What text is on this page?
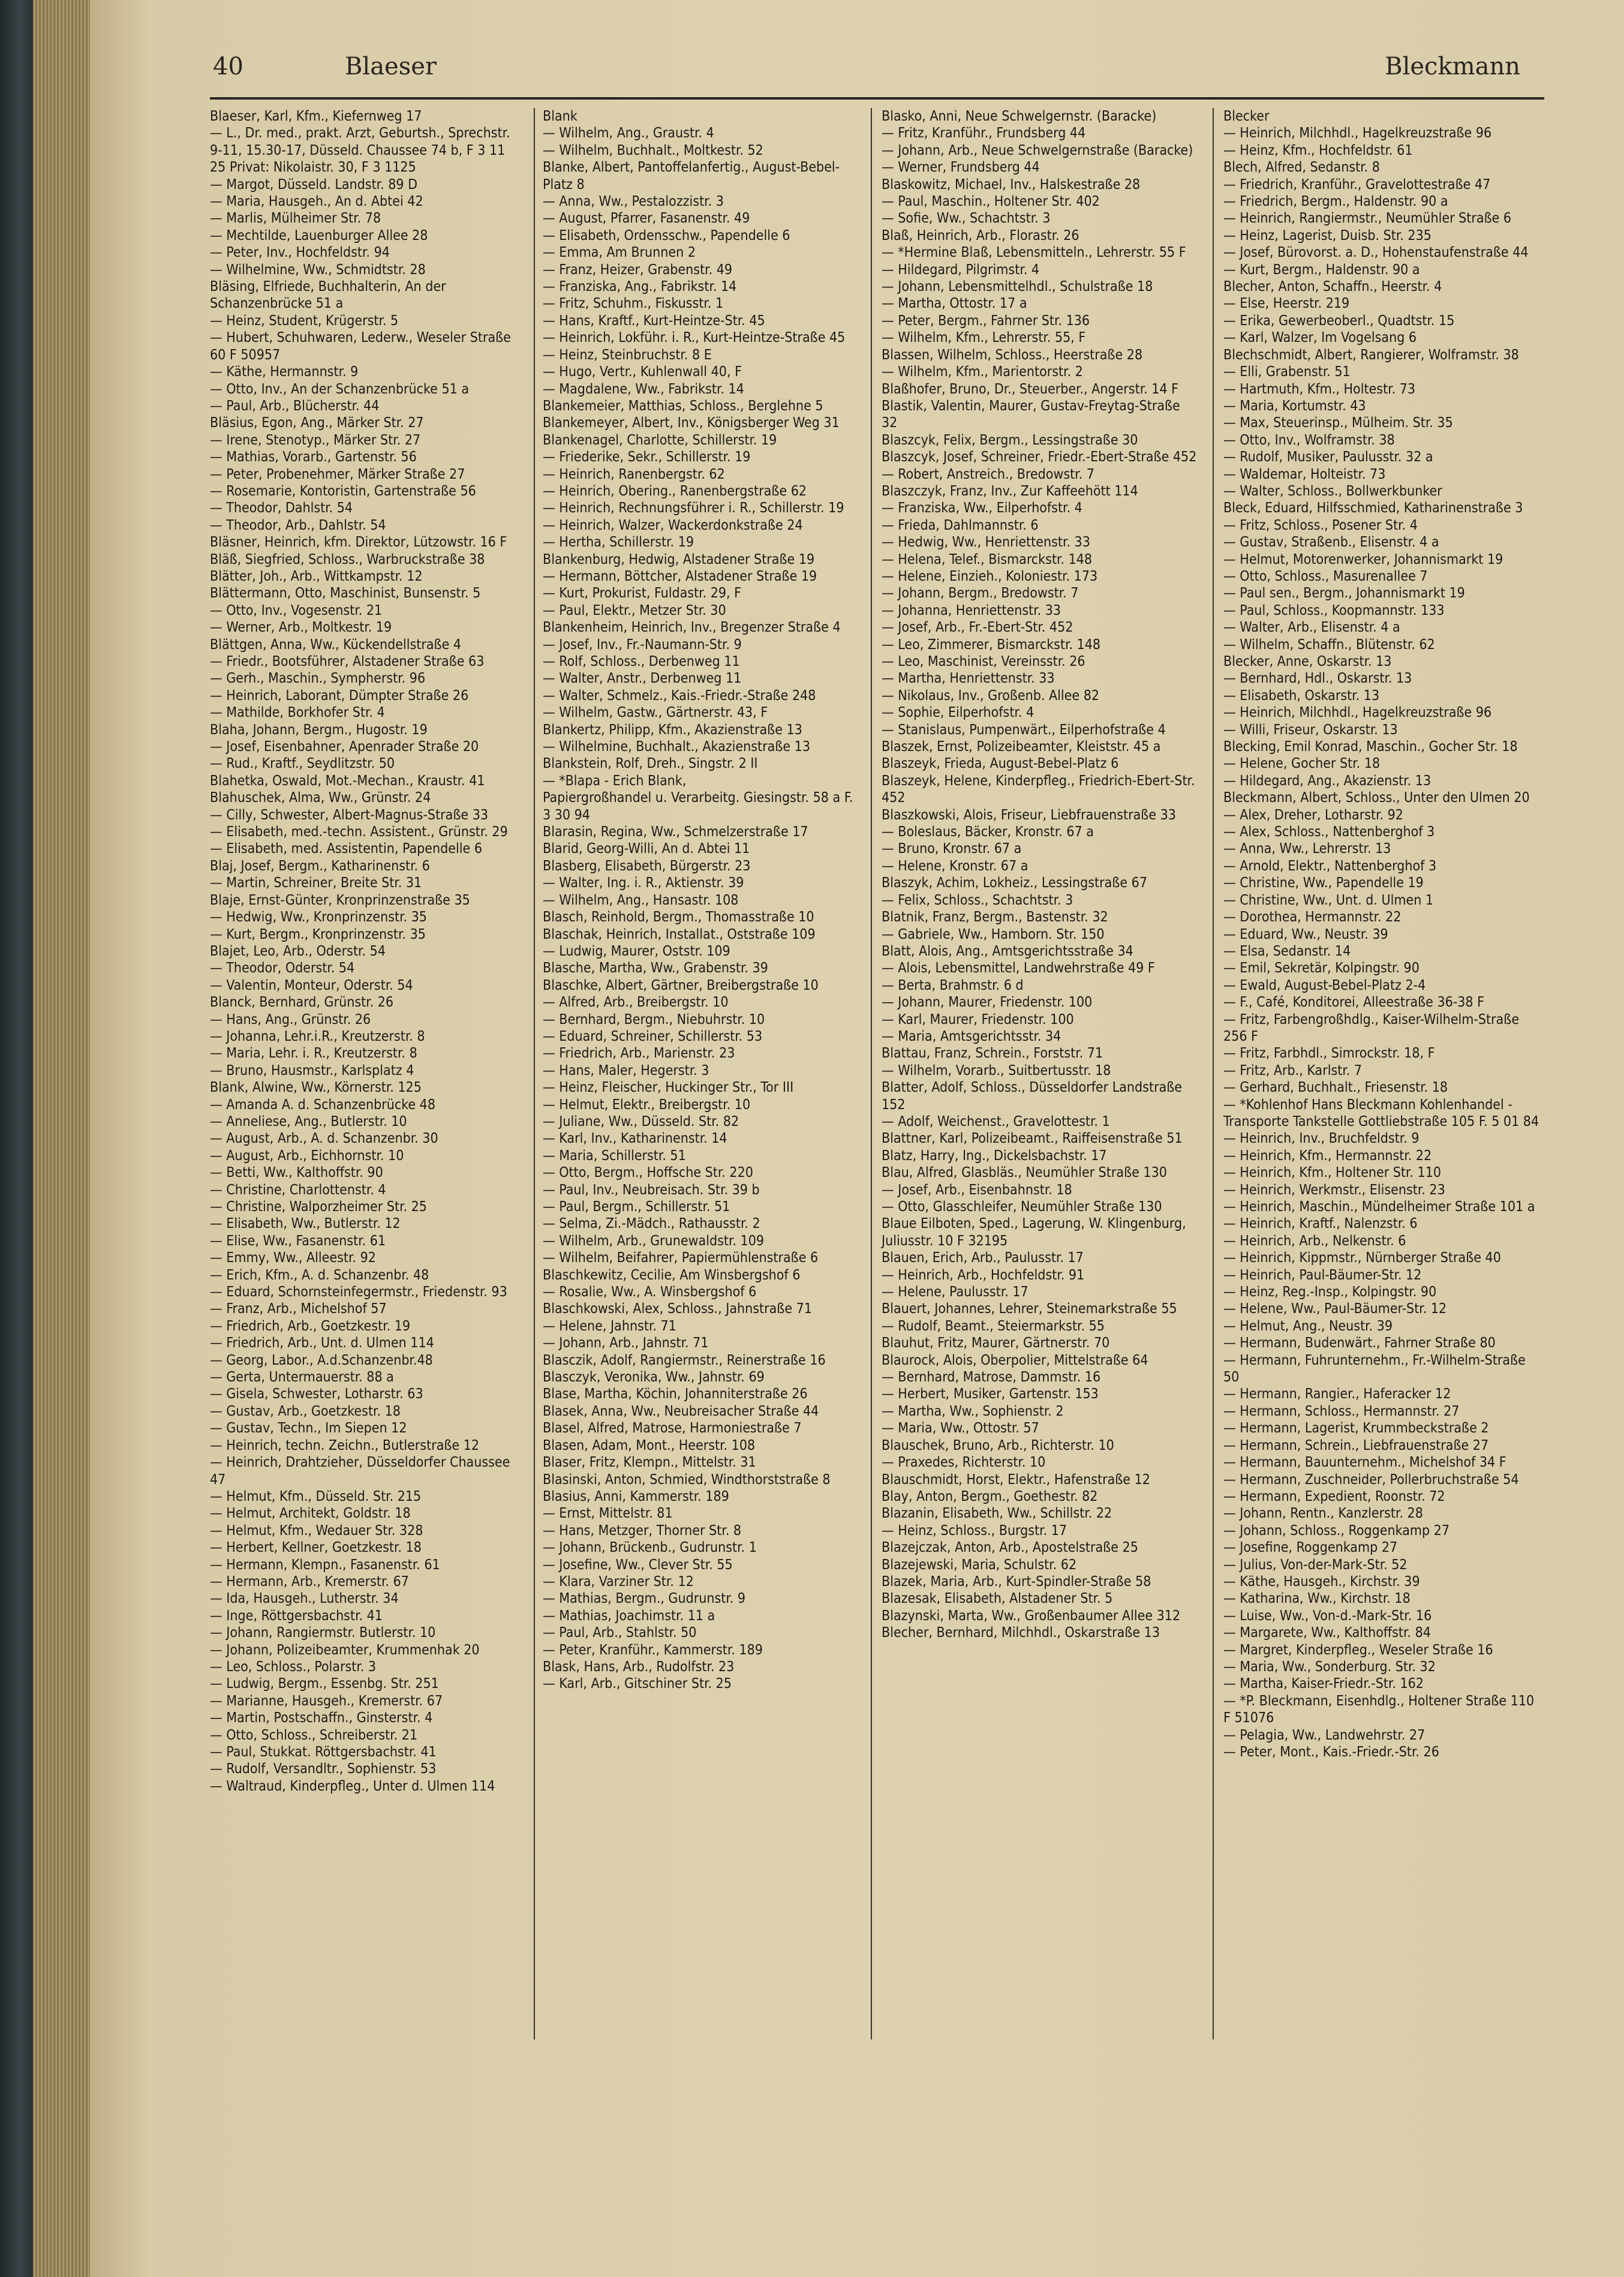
40	Blaeser	Bleckmann
Blaeser, Karl, Kfm., Kiefernweg 17
— L., Dr. med., prakt. Arzt, Geburtsh., Sprechstr. 9-11, 15.30-17, Düsseld. Chaussee 74 b, F 3 11 25 Privat: Nikolaistr. 30, F 3 1125
— Margot, Düsseld. Landstr. 89 D
— Maria, Hausgeh., An d. Abtei 42
— Marlis, Mülheimer Str. 78
— Mechtilde, Lauenburger Allee 28
— Peter, Inv., Hochfeldstr. 94
— Wilhelmine, Ww., Schmidtstr. 28
Bläsing, Elfriede, Buchhalterin, An der Schanzenbrücke 51 a
— Heinz, Student, Krügerstr. 5
— Hubert, Schuhwaren, Lederw., Weseler Straße 60 F 50957
— Käthe, Hermannstr. 9
— Otto, Inv., An der Schanzenbrücke 51 a
— Paul, Arb., Blücherstr. 44
Bläsius, Egon, Ang., Märker Str. 27
— Irene, Stenotyp., Märker Str. 27
— Mathias, Vorarb., Gartenstr. 56
— Peter, Probenehmer, Märker Straße 27
— Rosemarie, Kontoristin, Gartenstraße 56
— Theodor, Dahlstr. 54
— Theodor, Arb., Dahlstr. 54
Bläsner, Heinrich, kfm. Direktor, Lützowstr. 16 F
Bläß, Siegfried, Schloss., Warbruckstraße 38
Blätter, Joh., Arb., Wittkampstr. 12
Blättermann, Otto, Maschinist, Bunsenstr. 5
— Otto, Inv., Vogesenstr. 21
— Werner, Arb., Moltkestr. 19
Blättgen, Anna, Ww., Kückendellstraße 4
— Friedr., Bootsführer, Alstadener Straße 63
— Gerh., Maschin., Sympherstr. 96
— Heinrich, Laborant, Dümpter Straße 26
— Mathilde, Borkhofer Str. 4
Blaha, Johann, Bergm., Hugostr. 19
— Josef, Eisenbahner, Apenrader Straße 20
— Rud., Kraftf., Seydlitzstr. 50
Blahetka, Oswald, Mot.-Mechan., Kraustr. 41
Blahuschek, Alma, Ww., Grünstr. 24
— Cilly, Schwester, Albert-Magnus-Straße 33
— Elisabeth, med.-techn. Assistent., Grünstr. 29
— Elisabeth, med. Assistentin, Papendelle 6
Blaj, Josef, Bergm., Katharinenstr. 6
— Martin, Schreiner, Breite Str. 31
Blaje, Ernst-Günter, Kronprinzenstraße 35
— Hedwig, Ww., Kronprinzenstr. 35
— Kurt, Bergm., Kronprinzenstr. 35
Blajet, Leo, Arb., Oderstr. 54
— Theodor, Oderstr. 54
— Valentin, Monteur, Oderstr. 54
Blanck, Bernhard, Grünstr. 26
— Hans, Ang., Grünstr. 26
— Johanna, Lehr.i.R., Kreutzerstr. 8
— Maria, Lehr. i. R., Kreutzerstr. 8
— Bruno, Hausmstr., Karlsplatz 4
Blank, Alwine, Ww., Körnerstr. 125
— Amanda A. d. Schanzenbrücke 48
— Anneliese, Ang., Butlerstr. 10
— August, Arb., A. d. Schanzenbr. 30
— August, Arb., Eichhornstr. 10
— Betti, Ww., Kalthoffstr. 90
— Christine, Charlottenstr. 4
— Christine, Walporzheimer Str. 25
— Elisabeth, Ww., Butlerstr. 12
— Elise, Ww., Fasanenstr. 61
— Emmy, Ww., Alleestr. 92
— Erich, Kfm., A. d. Schanzenbr. 48
— Eduard, Schornsteinfegermstr., Friedenstr. 93
— Franz, Arb., Michelshof 57
— Friedrich, Arb., Goetzkestr. 19
— Friedrich, Arb., Unt. d. Ulmen 114
— Georg, Labor., A.d.Schanzenbr.48
— Gerta, Untermauerstr. 88 a
— Gisela, Schwester, Lotharstr. 63
— Gustav, Arb., Goetzkestr. 18
— Gustav, Techn., Im Siepen 12
— Heinrich, techn. Zeichn., Butlerstraße 12
— Heinrich, Drahtzieher, Düsseldorfer Chaussee 47
— Helmut, Kfm., Düsseld. Str. 215
— Helmut, Architekt, Goldstr. 18
— Helmut, Kfm., Wedauer Str. 328
— Herbert, Kellner, Goetzkestr. 18
— Hermann, Klempn., Fasanenstr. 61
— Hermann, Arb., Kremerstr. 67
— Ida, Hausgeh., Lutherstr. 34
— Inge, Röttgersbachstr. 41
— Johann, Rangiermstr. Butlerstr. 10
— Johann, Polizeibeamter, Krummenhak 20
— Leo, Schloss., Polarstr. 3
— Ludwig, Bergm., Essenbg. Str. 251
— Marianne, Hausgeh., Kremerstr. 67
— Martin, Postschaffn., Ginsterstr. 4
— Otto, Schloss., Schreiberstr. 21
— Paul, Stukkat. Röttgersbachstr. 41
— Rudolf, Versandltr., Sophienstr. 53
— Waltraud, Kinderpfleg., Unter d. Ulmen 114
Blank
— Wilhelm, Ang., Graustr. 4
— Wilhelm, Buchhalt., Moltkestr. 52
Blanke, Albert, Pantoffelanfertig., August-Bebel-Platz 8
— Anna, Ww., Pestalozzistr. 3
— August, Pfarrer, Fasanenstr. 49
— Elisabeth, Ordensschw., Papendelle 6
— Emma, Am Brunnen 2
— Franz, Heizer, Grabenstr. 49
— Franziska, Ang., Fabrikstr. 14
— Fritz, Schuhm., Fiskusstr. 1
— Hans, Kraftf., Kurt-Heintze-Str. 45
— Heinrich, Lokführ. i. R., Kurt-Heintze-Straße 45
— Heinz, Steinbruchstr. 8 E
— Hugo, Vertr., Kuhlenwall 40, F
— Magdalene, Ww., Fabrikstr. 14
Blankemeier, Matthias, Schloss., Berglehne 5
Blankemeyer, Albert, Inv., Königsberger Weg 31
Blankenagel, Charlotte, Schillerstr. 19
— Friederike, Sekr., Schillerstr. 19
— Heinrich, Ranenbergstr. 62
— Heinrich, Obering., Ranenbergstraße 62
— Heinrich, Rechnungsführer i. R., Schillerstr. 19
— Heinrich, Walzer, Wackerdonkstraße 24
— Hertha, Schillerstr. 19
Blankenburg, Hedwig, Alstadener Straße 19
— Hermann, Böttcher, Alstadener Straße 19
— Kurt, Prokurist, Fuldastr. 29, F
— Paul, Elektr., Metzer Str. 30
Blankenheim, Heinrich, Inv., Bregenzer Straße 4
— Josef, Inv., Fr.-Naumann-Str. 9
— Rolf, Schloss., Derbenweg 11
— Walter, Anstr., Derbenweg 11
— Walter, Schmelz., Kais.-Friedr.-Straße 248
— Wilhelm, Gastw., Gärtnerstr. 43, F
Blankertz, Philipp, Kfm., Akazienstraße 13
— Wilhelmine, Buchhalt., Akazienstraße 13
Blankstein, Rolf, Dreh., Singstr. 2 II
— *Blapa - Erich Blank,
Papiergroßhandel u. Verarbeitg. Giesingstr. 58 a F. 3 30 94
Blarasin, Regina, Ww., Schmelzerstraße 17
Blarid, Georg-Willi, An d. Abtei 11
Blasberg, Elisabeth, Bürgerstr. 23
— Walter, Ing. i. R., Aktienstr. 39
— Wilhelm, Ang., Hansastr. 108
Blasch, Reinhold, Bergm., Thomasstraße 10
Blaschak, Heinrich, Installat., Oststraße 109
— Ludwig, Maurer, Oststr. 109
Blasche, Martha, Ww., Grabenstr. 39
Blaschke, Albert, Gärtner, Breibergstraße 10
— Alfred, Arb., Breibergstr. 10
— Bernhard, Bergm., Niebuhrstr. 10
— Eduard, Schreiner, Schillerstr. 53
— Friedrich, Arb., Marienstr. 23
— Hans, Maler, Hegerstr. 3
— Heinz, Fleischer, Huckinger Str., Tor III
— Helmut, Elektr., Breibergstr. 10
— Juliane, Ww., Düsseld. Str. 82
— Karl, Inv., Katharinenstr. 14
— Maria, Schillerstr. 51
— Otto, Bergm., Hoffsche Str. 220
— Paul, Inv., Neubreisach. Str. 39 b
— Paul, Bergm., Schillerstr. 51
— Selma, Zi.-Mädch., Rathausstr. 2
— Wilhelm, Arb., Grunewaldstr. 109
— Wilhelm, Beifahrer, Papiermühlenstraße 6
Blaschkewitz, Cecilie, Am Winsbergshof 6
— Rosalie, Ww., A. Winsbergshof 6
Blaschkowski, Alex, Schloss., Jahnstraße 71
— Helene, Jahnstr. 71
— Johann, Arb., Jahnstr. 71
Blasczik, Adolf, Rangiermstr., Reinerstraße 16
Blasczyk, Veronika, Ww., Jahnstr. 69
Blase, Martha, Köchin, Johanniterstraße 26
Blasek, Anna, Ww., Neubreisacher Straße 44
Blasel, Alfred, Matrose, Harmoniestraße 7
Blasen, Adam, Mont., Heerstr. 108
Blaser, Fritz, Klempn., Mittelstr. 31
Blasinski, Anton, Schmied, Windthorststraße 8
Blasius, Anni, Kammerstr. 189
— Ernst, Mittelstr. 81
— Hans, Metzger, Thorner Str. 8
— Johann, Brückenb., Gudrunstr. 1
— Josefine, Ww., Clever Str. 55
— Klara, Varziner Str. 12
— Mathias, Bergm., Gudrunstr. 9
— Mathias, Joachimstr. 11 a
— Paul, Arb., Stahlstr. 50
— Peter, Kranführ., Kammerstr. 189
Blask, Hans, Arb., Rudolfstr. 23
— Karl, Arb., Gitschiner Str. 25
Blasko, Anni, Neue Schwelgernstr. (Baracke)
— Fritz, Kranführ., Frundsberg 44
— Johann, Arb., Neue Schwelgernstraße (Baracke)
— Werner, Frundsberg 44
Blaskowitz, Michael, Inv., Halskestraße 28
— Paul, Maschin., Holtener Str. 402
— Sofie, Ww., Schachtstr. 3
Blaß, Heinrich, Arb., Florastr. 26
— *Hermine Blaß, Lebensmitteln., Lehrerstr. 55 F
— Hildegard, Pilgrimstr. 4
— Johann, Lebensmittelhdl., Schulstraße 18
— Martha, Ottostr. 17 a
— Peter, Bergm., Fahrner Str. 136
— Wilhelm, Kfm., Lehrerstr. 55, F
Blassen, Wilhelm, Schloss., Heerstraße 28
— Wilhelm, Kfm., Marientorstr. 2
Blaßhofer, Bruno, Dr., Steuerber., Angerstr. 14 F
Blastik, Valentin, Maurer, Gustav-Freytag-Straße 32
Blaszcyk, Felix, Bergm., Lessingstraße 30
Blaszcyk, Josef, Schreiner, Friedr.-Ebert-Straße 452
— Robert, Anstreich., Bredowstr. 7
Blaszczyk, Franz, Inv., Zur Kaffeehött 114
— Franziska, Ww., Eilperhofstr. 4
— Frieda, Dahlmannstr. 6
— Hedwig, Ww., Henriettenstr. 33
— Helena, Telef., Bismarckstr. 148
— Helene, Einzieh., Koloniestr. 173
— Johann, Bergm., Bredowstr. 7
— Johanna, Henriettenstr. 33
— Josef, Arb., Fr.-Ebert-Str. 452
— Leo, Zimmerer, Bismarckstr. 148
— Leo, Maschinist, Vereinsstr. 26
— Martha, Henriettenstr. 33
— Nikolaus, Inv., Großenb. Allee 82
— Sophie, Eilperhofstr. 4
— Stanislaus, Pumpenwärt., Eilperhofstraße 4
Blaszek, Ernst, Polizeibeamter, Kleiststr. 45 a
Blaszeyk, Frieda, August-Bebel-Platz 6
Blaszeyk, Helene, Kinderpfleg., Friedrich-Ebert-Str. 452
Blaszkowski, Alois, Friseur, Liebfrauenstraße 33
— Boleslaus, Bäcker, Kronstr. 67 a
— Bruno, Kronstr. 67 a
— Helene, Kronstr. 67 a
Blaszyk, Achim, Lokheiz., Lessingstraße 67
— Felix, Schloss., Schachtstr. 3
Blatnik, Franz, Bergm., Bastenstr. 32
— Gabriele, Ww., Hamborn. Str. 150
Blatt, Alois, Ang., Amtsgerichtsstraße 34
— Alois, Lebensmittel, Landwehrstraße 49 F
— Berta, Brahmstr. 6 d
— Johann, Maurer, Friedenstr. 100
— Karl, Maurer, Friedenstr. 100
— Maria, Amtsgerichtsstr. 34
Blattau, Franz, Schrein., Forststr. 71
— Wilhelm, Vorarb., Suitbertusstr. 18
Blatter, Adolf, Schloss., Düsseldorfer Landstraße 152
— Adolf, Weichenst., Gravelottestr. 1
Blattner, Karl, Polizeibeamt., Raiffeisenstraße 51
Blatz, Harry, Ing., Dickelsbachstr. 17
Blau, Alfred, Glasbläs., Neumühler Straße 130
— Josef, Arb., Eisenbahnstr. 18
— Otto, Glasschleifer, Neumühler Straße 130
Blaue Eilboten, Sped., Lagerung, W. Klingenburg, Juliusstr. 10 F 32195
Blauen, Erich, Arb., Paulusstr. 17
— Heinrich, Arb., Hochfeldstr. 91
— Helene, Paulusstr. 17
Blauert, Johannes, Lehrer, Steinemarkstraße 55
— Rudolf, Beamt., Steiermarkstr. 55
Blauhut, Fritz, Maurer, Gärtnerstr. 70
Blaurock, Alois, Oberpolier, Mittelstraße 64
— Bernhard, Matrose, Dammstr. 16
— Herbert, Musiker, Gartenstr. 153
— Martha, Ww., Sophienstr. 2
— Maria, Ww., Ottostr. 57
Blauschek, Bruno, Arb., Richterstr. 10
— Praxedes, Richterstr. 10
Blauschmidt, Horst, Elektr., Hafenstraße 12
Blay, Anton, Bergm., Goethestr. 82
Blazanin, Elisabeth, Ww., Schillstr. 22
— Heinz, Schloss., Burgstr. 17
Blazejczak, Anton, Arb., Apostelstraße 25
Blazejewski, Maria, Schulstr. 62
Blazek, Maria, Arb., Kurt-Spindler-Straße 58
Blazesak, Elisabeth, Alstadener Str. 5
Blazynski, Marta, Ww., Großenbaumer Allee 312
Blecher, Bernhard, Milchhdl., Oskarstraße 13
Blecker
— Heinrich, Milchhdl., Hagelkreuzstraße 96
— Heinz, Kfm., Hochfeldstr. 61
Blech, Alfred, Sedanstr. 8
— Friedrich, Kranführ., Gravelottestraße 47
— Friedrich, Bergm., Haldenstr. 90 a
— Heinrich, Rangiermstr., Neumühler Straße 6
— Heinz, Lagerist, Duisb. Str. 235
— Josef, Bürovorst. a. D., Hohenstaufenstraße 44
— Kurt, Bergm., Haldenstr. 90 a
Blecher, Anton, Schaffn., Heerstr. 4
— Else, Heerstr. 219
— Erika, Gewerbeoberl., Quadtstr. 15
— Karl, Walzer, Im Vogelsang 6
Blechschmidt, Albert, Rangierer, Wolframstr. 38
— Elli, Grabenstr. 51
— Hartmuth, Kfm., Holtestr. 73
— Maria, Kortumstr. 43
— Max, Steuerinsp., Mülheim. Str. 35
— Otto, Inv., Wolframstr. 38
— Rudolf, Musiker, Paulusstr. 32 a
— Waldemar, Holteistr. 73
— Walter, Schloss., Bollwerkbunker
Bleck, Eduard, Hilfsschmied, Katharinenstraße 3
— Fritz, Schloss., Posener Str. 4
— Gustav, Straßenb., Elisenstr. 4 a
— Helmut, Motorenwerker, Johannismarkt 19
— Otto, Schloss., Masurenallee 7
— Paul sen., Bergm., Johannismarkt 19
— Paul, Schloss., Koopmannstr. 133
— Walter, Arb., Elisenstr. 4 a
— Wilhelm, Schaffn., Blütenstr. 62
Blecker, Anne, Oskarstr. 13
— Bernhard, Hdl., Oskarstr. 13
— Elisabeth, Oskarstr. 13
— Heinrich, Milchhdl., Hagelkreuzstraße 96
— Willi, Friseur, Oskarstr. 13
Blecking, Emil Konrad, Maschin., Gocher Str. 18
— Helene, Gocher Str. 18
— Hildegard, Ang., Akazienstr. 13
Bleckmann, Albert, Schloss., Unter den Ulmen 20
— Alex, Dreher, Lotharstr. 92
— Alex, Schloss., Nattenberghof 3
— Anna, Ww., Lehrerstr. 13
— Arnold, Elektr., Nattenberghof 3
— Christine, Ww., Papendelle 19
— Christine, Ww., Unt. d. Ulmen 1
— Dorothea, Hermannstr. 22
— Eduard, Ww., Neustr. 39
— Elsa, Sedanstr. 14
— Emil, Sekretär, Kolpingstr. 90
— Ewald, August-Bebel-Platz 2-4
— F., Café, Konditorei, Alleestraße 36-38 F
— Fritz, Farbengroßhdlg., Kaiser-Wilhelm-Straße 256 F
— Fritz, Farbhdl., Simrockstr. 18, F
— Fritz, Arb., Karlstr. 7
— Gerhard, Buchhalt., Friesenstr. 18
— *Kohlenhof Hans Bleckmann Kohlenhandel - Transporte Tankstelle Gottliebstraße 105 F. 5 01 84
— Heinrich, Inv., Bruchfeldstr. 9
— Heinrich, Kfm., Hermannstr. 22
— Heinrich, Kfm., Holtener Str. 110
— Heinrich, Werkmstr., Elisenstr. 23
— Heinrich, Maschin., Mündelheimer Straße 101 a
— Heinrich, Kraftf., Nalenzstr. 6
— Heinrich, Arb., Nelkenstr. 6
— Heinrich, Kippmstr., Nürnberger Straße 40
— Heinrich, Paul-Bäumer-Str. 12
— Heinz, Reg.-Insp., Kolpingstr. 90
— Helene, Ww., Paul-Bäumer-Str. 12
— Helmut, Ang., Neustr. 39
— Hermann, Budenwärt., Fahrner Straße 80
— Hermann, Fuhrunternehm., Fr.-Wilhelm-Straße 50
— Hermann, Rangier., Haferacker 12
— Hermann, Schloss., Hermannstr. 27
— Hermann, Lagerist, Krummbeckstraße 2
— Hermann, Schrein., Liebfrauenstraße 27
— Hermann, Bauunternehm., Michelshof 34 F
— Hermann, Zuschneider, Pollerbruchstraße 54
— Hermann, Expedient, Roonstr. 72
— Johann, Rentn., Kanzlerstr. 28
— Johann, Schloss., Roggenkamp 27
— Josefine, Roggenkamp 27
— Julius, Von-der-Mark-Str. 52
— Käthe, Hausgeh., Kirchstr. 39
— Katharina, Ww., Kirchstr. 18
— Luise, Ww., Von-d.-Mark-Str. 16
— Margarete, Ww., Kalthoffstr. 84
— Margret, Kinderpfleg., Weseler Straße 16
— Maria, Ww., Sonderburg. Str. 32
— Martha, Kaiser-Friedr.-Str. 162
— *P. Bleckmann, Eisenhdlg., Holtener Straße 110 F 51076
— Pelagia, Ww., Landwehrstr. 27
— Peter, Mont., Kais.-Friedr.-Str. 26
